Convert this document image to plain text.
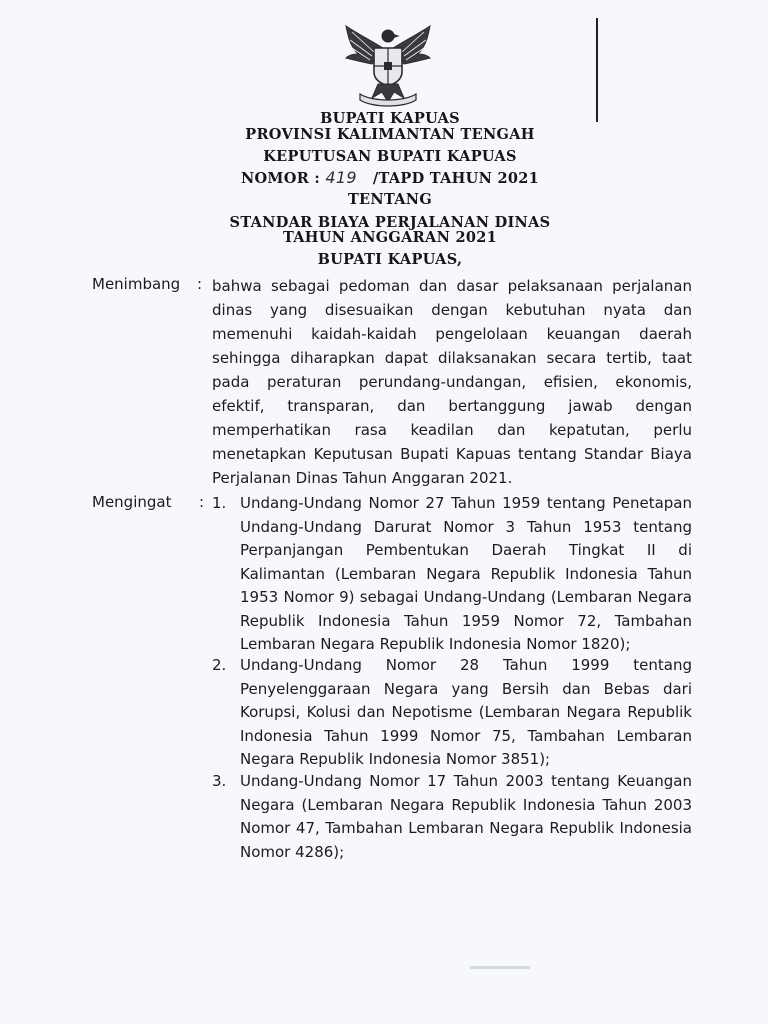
BUPATI KAPUAS
PROVINSI KALIMANTAN TENGAH
KEPUTUSAN BUPATI KAPUAS
NOMOR : 419 /TAPD TAHUN 2021
TENTANG
STANDAR BIAYA PERJALANAN DINAS
TAHUN ANGGARAN 2021
BUPATI KAPUAS,
Menimbang : bahwa sebagai pedoman dan dasar pelaksanaan perjalanan dinas yang disesuaikan dengan kebutuhan nyata dan memenuhi kaidah-kaidah pengelolaan keuangan daerah sehingga diharapkan dapat dilaksanakan secara tertib, taat pada peraturan perundang-undangan, efisien, ekonomis, efektif, transparan, dan bertanggung jawab dengan memperhatikan rasa keadilan dan kepatutan, perlu menetapkan Keputusan Bupati Kapuas tentang Standar Biaya Perjalanan Dinas Tahun Anggaran 2021.
Mengingat : 1. Undang-Undang Nomor 27 Tahun 1959 tentang Penetapan Undang-Undang Darurat Nomor 3 Tahun 1953 tentang Perpanjangan Pembentukan Daerah Tingkat II di Kalimantan (Lembaran Negara Republik Indonesia Tahun 1953 Nomor 9) sebagai Undang-Undang (Lembaran Negara Republik Indonesia Tahun 1959 Nomor 72, Tambahan Lembaran Negara Republik Indonesia Nomor 1820);
2. Undang-Undang Nomor 28 Tahun 1999 tentang Penyelenggaraan Negara yang Bersih dan Bebas dari Korupsi, Kolusi dan Nepotisme (Lembaran Negara Republik Indonesia Tahun 1999 Nomor 75, Tambahan Lembaran Negara Republik Indonesia Nomor 3851);
3. Undang-Undang Nomor 17 Tahun 2003 tentang Keuangan Negara (Lembaran Negara Republik Indonesia Tahun 2003 Nomor 47, Tambahan Lembaran Negara Republik Indonesia Nomor 4286);
